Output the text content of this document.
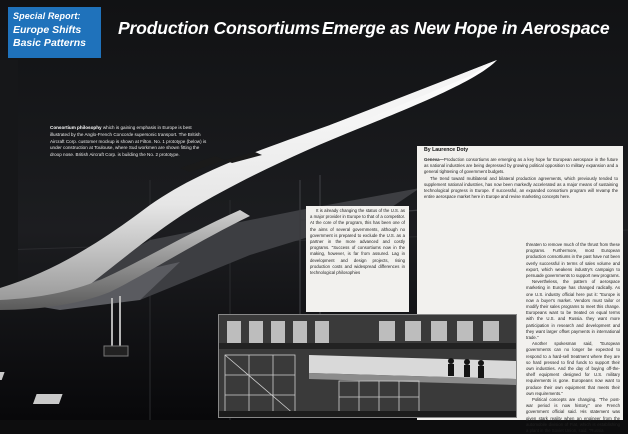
Special Report:
Europe Shifts Basic Patterns
Production Consortiums Emerge as New Hope in Aerospace
Consortium philosophy which is gaining emphasis in Europe is best illustrated by the Anglo-French Concorde supersonic transport. The British Aircraft Corp. customer mockup is shown at Filton. No. 1 prototype (below) is under construction at Toulouse, where Sud workmen are shown fitting the droop nose. British Aircraft Corp. is building the No. 2 prototype.
By Laurence Doty
Geneva—Production consortiums are emerging as a key hope for European aerospace in the future as national industries are being depressed by growing political opposition to military expansion and a general tightening of government budgets.
The trend toward multilateral and bilateral production agreements, which previously tended to supplement national industries, has now been markedly accelerated as a major means of sustaining technological progress in Europe. If successful, an expanded consortium program will revamp the entire aerospace market here in Europe and revise marketing concepts here.
It is already changing the status of the U.S. as a major provider in Europe to that of a competitor. At the core of the program, this has been one of the aims of several governments, although no government is prepared to exclude the U.S. as a partner in the more advanced and costly programs. "Success of consortiums now in the making, however, is far from assured. Lag in development and design projects, rising production costs and widespread differences in technological philosophies
threaten to remove much of the thrust from these programs. Furthermore, most European production consortiums in the past have not been overly successful in terms of sales volume and export, which weakens industry's campaign to persuade governments to support new programs.
Nevertheless, the pattern of aerospace marketing in Europe has changed radically. As one U.S. industry official here put it: "Europe is now a buyer's market. Vendors must tailor or modify their sales programs to meet this change. Europeans want to be treated on equal terms with the U.S. and Russia. they want more participation in research and development and they want larger offset payments in international trade."
Another spokesman said, "European governments can no longer be expected to respond to a hard-sell treatment where they are so hard pressed to find funds to support their own industries. And the day of buying off-the-shelf equipment designed for U.S. military requirements is gone. Europeans now want to produce their own equipment that meets their own requirements."
Political concepts are changing. "The post-war period is now history," one French government official said. His statement was given stark reality when an engineer from the automobile division of Fiat, which is establishing a plant in the Soviet Union, said, "Russia
